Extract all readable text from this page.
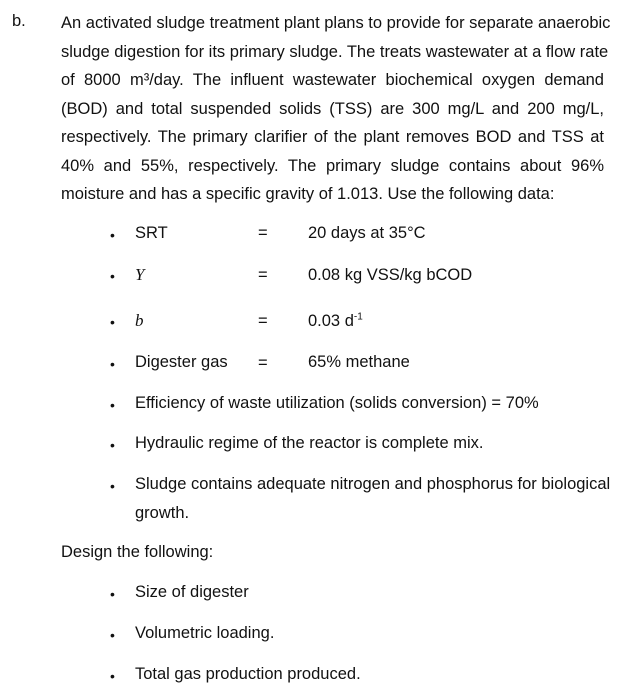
b. An activated sludge treatment plant plans to provide for separate anaerobic
sludge digestion for its primary sludge. The treats wastewater at a flow rate
of 8000 m³/day. The influent wastewater biochemical oxygen demand
(BOD) and total suspended solids (TSS) are 300 mg/L and 200 mg/L,
respectively. The primary clarifier of the plant removes BOD and TSS at
40% and 55%, respectively. The primary sludge contains about 96%
moisture and has a specific gravity of 1.013. Use the following data:
• SRT	= 20 days at 35°C
• Y	= 0.08 kg VSS/kg bCOD
• b	= 0.03 $d^{-1}$
• Digester gas = 65% methane
• Efficiency of waste utilization (solids conversion) = 70%
• Hydraulic regime of the reactor is complete mix.
• Sludge contains adequate nitrogen and phosphorus for biological
growth.
Design the following:
• Size of digester
• Volumetric loading.
• Total gas production produced.
